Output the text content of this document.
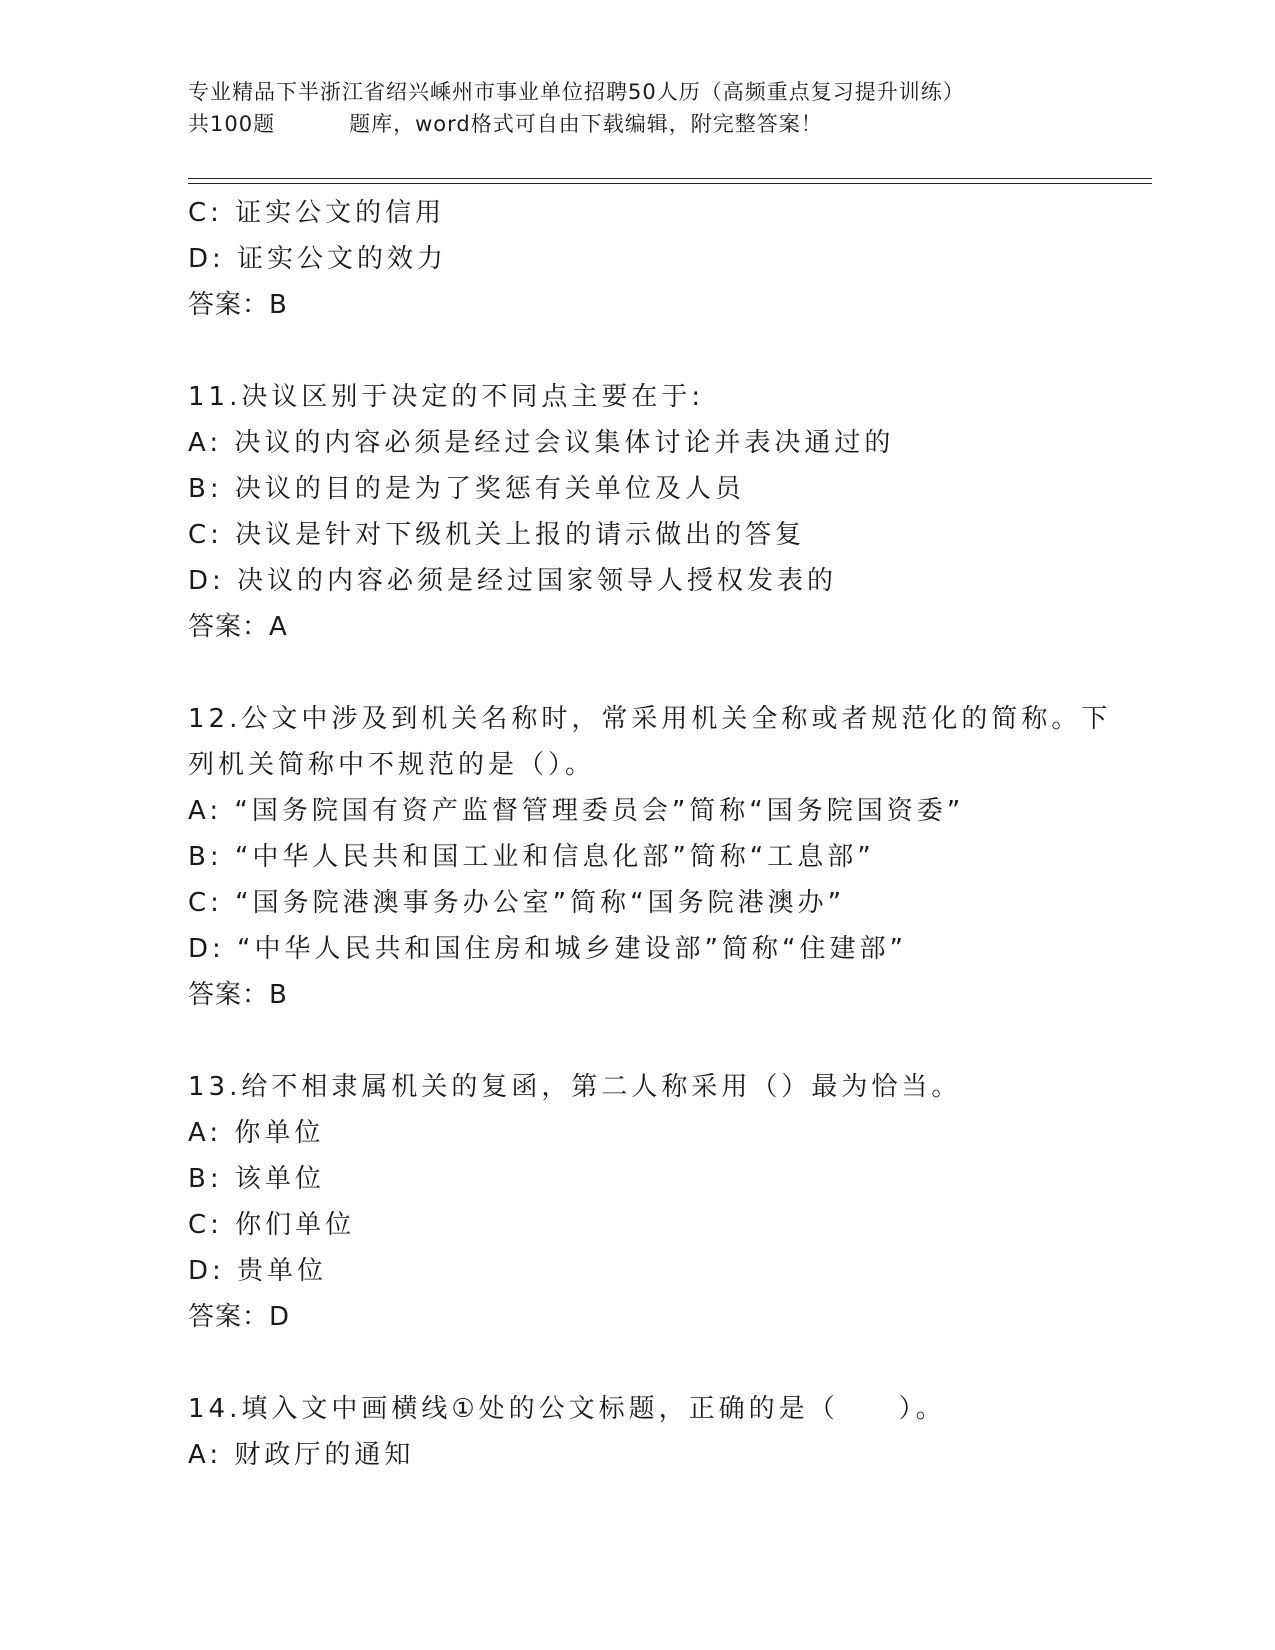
专业精品下半浙江省绍兴嵊州市事业单位招聘50人历（高频重点复习提升训练）
共100题	题库，word格式可自由下载编辑，附完整答案！
C: 证实公文的信用
D: 证实公文的效力
答案：B
11.决议区别于决定的不同点主要在于:
A: 决议的内容必须是经过会议集体讨论并表决通过的
B: 决议的目的是为了奖惩有关单位及人员
C: 决议是针对下级机关上报的请示做出的答复
D: 决议的内容必须是经过国家领导人授权发表的
答案：A
12.公文中涉及到机关名称时，常采用机关全称或者规范化的简称。下
列机关简称中不规范的是（）。
A: “国务院国有资产监督管理委员会”简称“国务院国资委”
B: “中华人民共和国工业和信息化部”简称“工息部”
C: “国务院港澳事务办公室”简称“国务院港澳办”
D: “中华人民共和国住房和城乡建设部”简称“住建部”
答案：B
13.给不相隶属机关的复函，第二人称采用（）最为恰当。
A: 你单位
B: 该单位
C: 你们单位
D: 贵单位
答案：D
14.填入文中画横线①处的公文标题，正确的是（　　）。
A: 财政厅的通知
